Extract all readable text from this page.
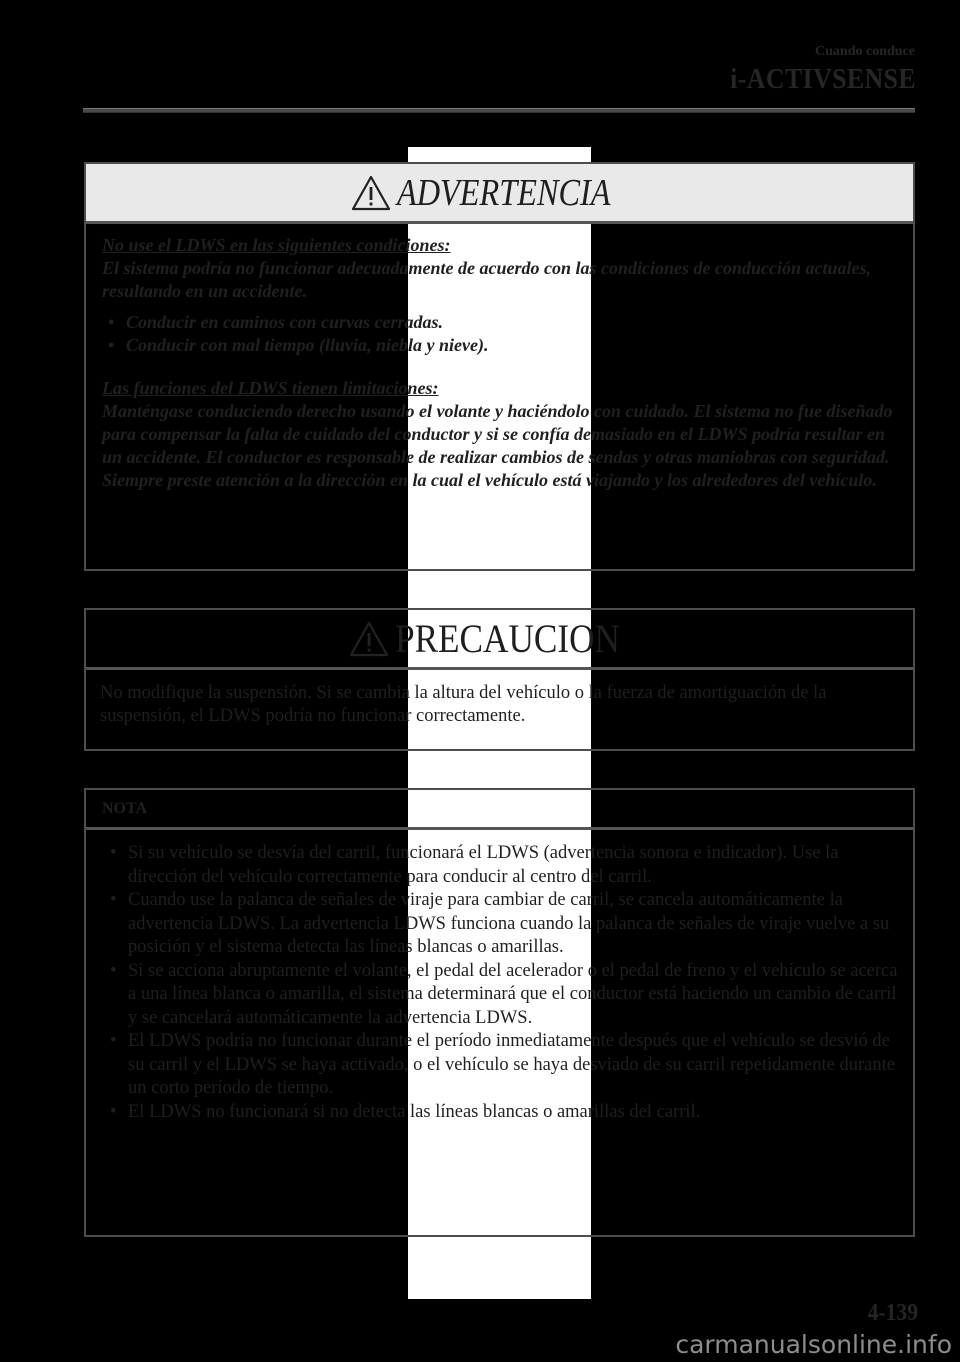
Cuando conduce
i-ACTIVSENSE
ADVERTENCIA

No use el LDWS en las siguientes condiciones:

El sistema podría no funcionar adecuadamente de acuerdo con las condiciones de conducción actuales, resultando en un accidente.

• Conducir en caminos con curvas cerradas.
• Conducir con mal tiempo (lluvia, niebla y nieve).

Las funciones del LDWS tienen limitaciones:

Manténgase conduciendo derecho usando el volante y haciéndolo con cuidado. El sistema no fue diseñado para compensar la falta de cuidado del conductor y si se confía demasiado en el LDWS podría resultar en un accidente. El conductor es responsable de realizar cambios de sendas y otras maniobras con seguridad. Siempre preste atención a la dirección en la cual el vehículo está viajando y los alrededores del vehículo.

PRECAUCION

No modifique la suspensión. Si se cambia la altura del vehículo o la fuerza de amortiguación de la suspensión, el LDWS podría no funcionar correctamente.

NOTA
• Si su vehículo se desvía del carril, funcionará el LDWS (advertencia sonora e indicador). Use la dirección del vehículo correctamente para conducir al centro del carril.
• Cuando use la palanca de señales de viraje para cambiar de carril, se cancela automáticamente la advertencia LDWS. La advertencia LDWS funciona cuando la palanca de señales de viraje vuelve a su posición y el sistema detecta las líneas blancas o amarillas.
• Si se acciona abruptamente el volante, el pedal del acelerador o el pedal de freno y el vehículo se acerca a una línea blanca o amarilla, el sistema determinará que el conductor está haciendo un cambio de carril y se cancelará automáticamente la advertencia LDWS.
• El LDWS podría no funcionar durante el período inmediatamente después que el vehículo se desvió de su carril y el LDWS se haya activado, o el vehículo se haya desviado de su carril repetidamente durante un corto período de tiempo.
• El LDWS no funcionará si no detecta las líneas blancas o amarillas del carril.
4-139
carmanualsonline.info
